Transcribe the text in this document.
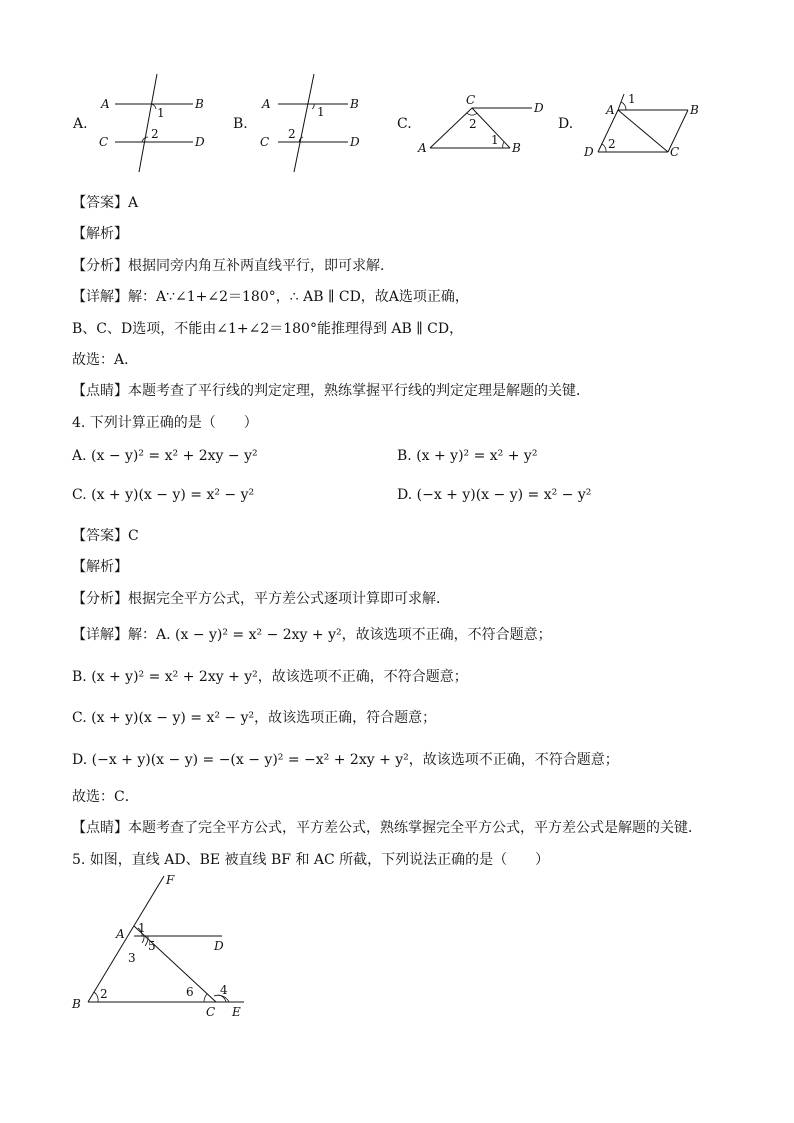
A	B
C	D
1
2
A.
A	B
C	D
1
2
B.
C
D
A	B
2
1
C.
A	B
D	C
1
2
D.
【答案】A
【解析】
【分析】根据同旁内角互补两直线平行，即可求解．
【详解】解：A∵∠1+∠2＝180°，∴ AB ∥ CD，故A选项正确，
B、C、D选项，不能由∠1+∠2＝180°能推理得到 AB ∥ CD，
故选：A．
【点睛】本题考查了平行线的判定定理，熟练掌握平行线的判定定理是解题的关键．
4. 下列计算正确的是（　　）
A. (x − y)² = x² + 2xy − y²	B. (x + y)² = x² + y²
C. (x + y)(x − y) = x² − y²	D. (−x + y)(x − y) = x² − y²
【答案】C
【解析】
【分析】根据完全平方公式，平方差公式逐项计算即可求解．
【详解】解：A. (x − y)² = x² − 2xy + y²，故该选项不正确，不符合题意；
B. (x + y)² = x² + 2xy + y²，故该选项不正确，不符合题意；
C. (x + y)(x − y) = x² − y²，故该选项正确，符合题意；
D. (−x + y)(x − y) = −(x − y)² = −x² + 2xy + y²，故该选项不正确，不符合题意；
故选：C．
【点睛】本题考查了完全平方公式，平方差公式，熟练掌握完全平方公式，平方差公式是解题的关键．
5. 如图，直线 AD、BE 被直线 BF 和 AC 所截，下列说法正确的是（　　）
F
A
D
B
C E
1
5
3
2	6 4
